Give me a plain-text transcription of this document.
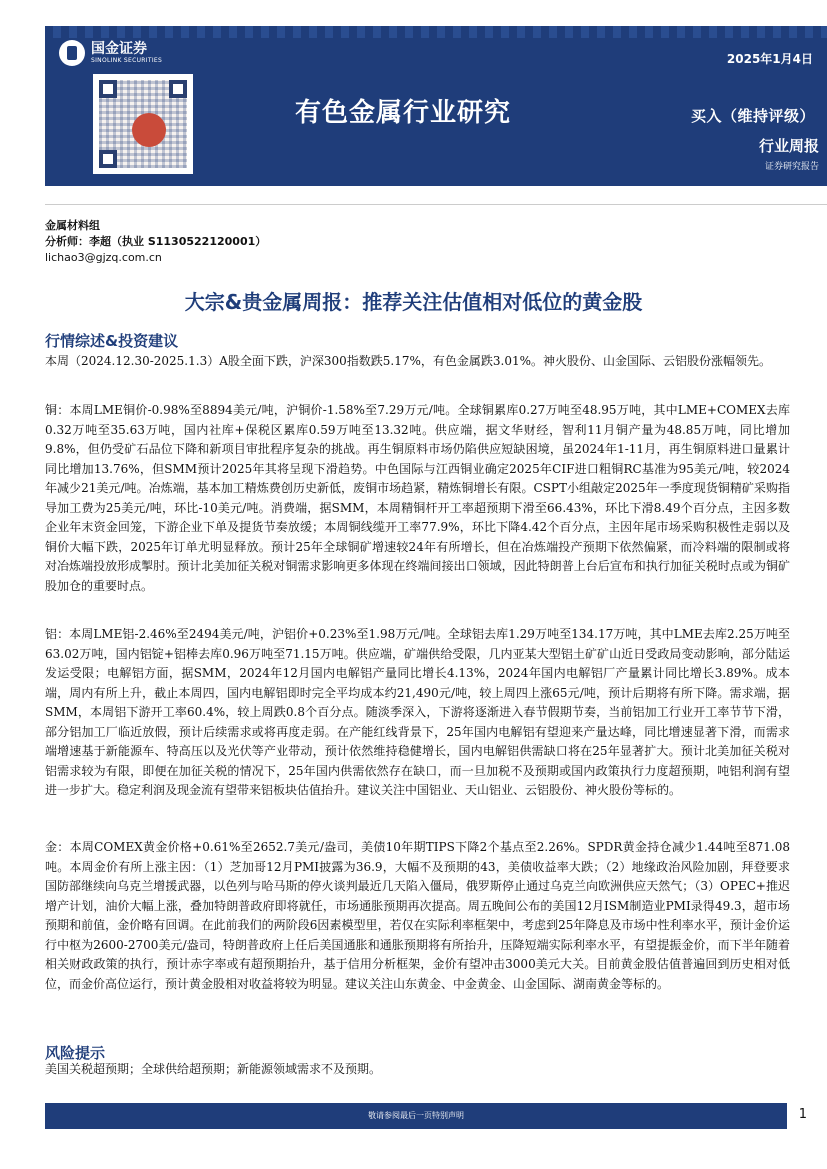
国金证券
SINOLINK SECURITIES	2025年1月4日
有色金属行业研究	买入（维持评级）
行业周报
证券研究报告
金属材料组
分析师：李超（执业 S1130522120001）
lichao3@gjzq.com.cn
大宗&贵金属周报：推荐关注估值相对低位的黄金股
行情综述&投资建议

本周（2024.12.30-2025.1.3）A股全面下跌，沪深300指数跌5.17%，有色金属跌3.01%。神火股份、山金国际、云铝股份涨幅领先。

铜：本周LME铜价-0.98%至8894美元/吨，沪铜价-1.58%至7.29万元/吨。全球铜累库0.27万吨至48.95万吨，其中LME+COMEX去库0.32万吨至35.63万吨，国内社库+保税区累库0.59万吨至13.32吨。供应端，据文华财经，智利11月铜产量为48.85万吨，同比增加9.8%，但仍受矿石品位下降和新项目审批程序复杂的挑战。再生铜原料市场仍陷供应短缺困境，虽2024年1-11月，再生铜原料进口量累计同比增加13.76%，但SMM预计2025年其将呈现下滑趋势。中色国际与江西铜业确定2025年CIF进口粗铜RC基准为95美元/吨，较2024年减少21美元/吨。冶炼端，基本加工精炼费创历史新低，废铜市场趋紧，精炼铜增长有限。CSPT小组敲定2025年一季度现货铜精矿采购指导加工费为25美元/吨，环比-10美元/吨。消费端，据SMM，本周精铜杆开工率超预期下滑至66.43%，环比下滑8.49个百分点，主因多数企业年末资金回笼，下游企业下单及提货节奏放缓；本周铜线缆开工率77.9%，环比下降4.42个百分点，主因年尾市场采购积极性走弱以及铜价大幅下跌，2025年订单尤明显释放。预计25年全球铜矿增速较24年有所增长，但在冶炼端投产预期下依然偏紧，而冷料端的限制或将对冶炼端投放形成掣肘。预计北美加征关税对铜需求影响更多体现在终端间接出口领域，因此特朗普上台后宣布和执行加征关税时点或为铜矿股加仓的重要时点。

铝：本周LME铝-2.46%至2494美元/吨，沪铝价+0.23%至1.98万元/吨。全球铝去库1.29万吨至134.17万吨，其中LME去库2.25万吨至63.02万吨，国内铝锭+铝棒去库0.96万吨至71.15万吨。供应端，矿端供给受限，几内亚某大型铝土矿矿山近日受政局变动影响，部分陆运发运受限；电解铝方面，据SMM，2024年12月国内电解铝产量同比增长4.13%，2024年国内电解铝厂产量累计同比增长3.89%。成本端，周内有所上升，截止本周四，国内电解铝即时完全平均成本约21,490元/吨，较上周四上涨65元/吨，预计后期将有所下降。需求端，据SMM，本周铝下游开工率60.4%，较上周跌0.8个百分点。随淡季深入，下游将逐渐进入春节假期节奏，当前铝加工行业开工率节节下滑，部分铝加工厂临近放假，预计后续需求或将再度走弱。在产能红线背景下，25年国内电解铝有望迎来产量达峰，同比增速显著下滑，而需求端增速基于新能源车、特高压以及光伏等产业带动，预计依然维持稳健增长，国内电解铝供需缺口将在25年显著扩大。预计北美加征关税对铝需求较为有限，即便在加征关税的情况下，25年国内供需依然存在缺口，而一旦加税不及预期或国内政策执行力度超预期，吨铝利润有望进一步扩大。稳定利润及现金流有望带来铝板块估值抬升。建议关注中国铝业、天山铝业、云铝股份、神火股份等标的。

金：本周COMEX黄金价格+0.61%至2652.7美元/盎司，美债10年期TIPS下降2个基点至2.26%。SPDR黄金持仓减少1.44吨至871.08吨。本周金价有所上涨主因：（1）芝加哥12月PMI披露为36.9，大幅不及预期的43，美债收益率大跌；（2）地缘政治风险加剧，拜登要求国防部继续向乌克兰增援武器，以色列与哈马斯的停火谈判最近几天陷入僵局，俄罗斯停止通过乌克兰向欧洲供应天然气；（3）OPEC+推迟增产计划，油价大幅上涨，叠加特朗普政府即将就任，市场通胀预期再次提高。周五晚间公布的美国12月ISM制造业PMI录得49.3，超市场预期和前值，金价略有回调。在此前我们的两阶段6因素模型里，若仅在实际利率框架中，考虑到25年降息及市场中性利率水平，预计金价运行中枢为2600-2700美元/盎司，特朗普政府上任后美国通胀和通胀预期将有所抬升，压降短端实际利率水平，有望提振金价，而下半年随着相关财政政策的执行，预计赤字率或有超预期抬升，基于信用分析框架，金价有望冲击3000美元大关。目前黄金股估值普遍回到历史相对低位，而金价高位运行，预计黄金股相对收益将较为明显。建议关注山东黄金、中金黄金、山金国际、湖南黄金等标的。

风险提示

美国关税超预期；全球供给超预期；新能源领域需求不及预期。

敬请参阅最后一页特别声明	1
